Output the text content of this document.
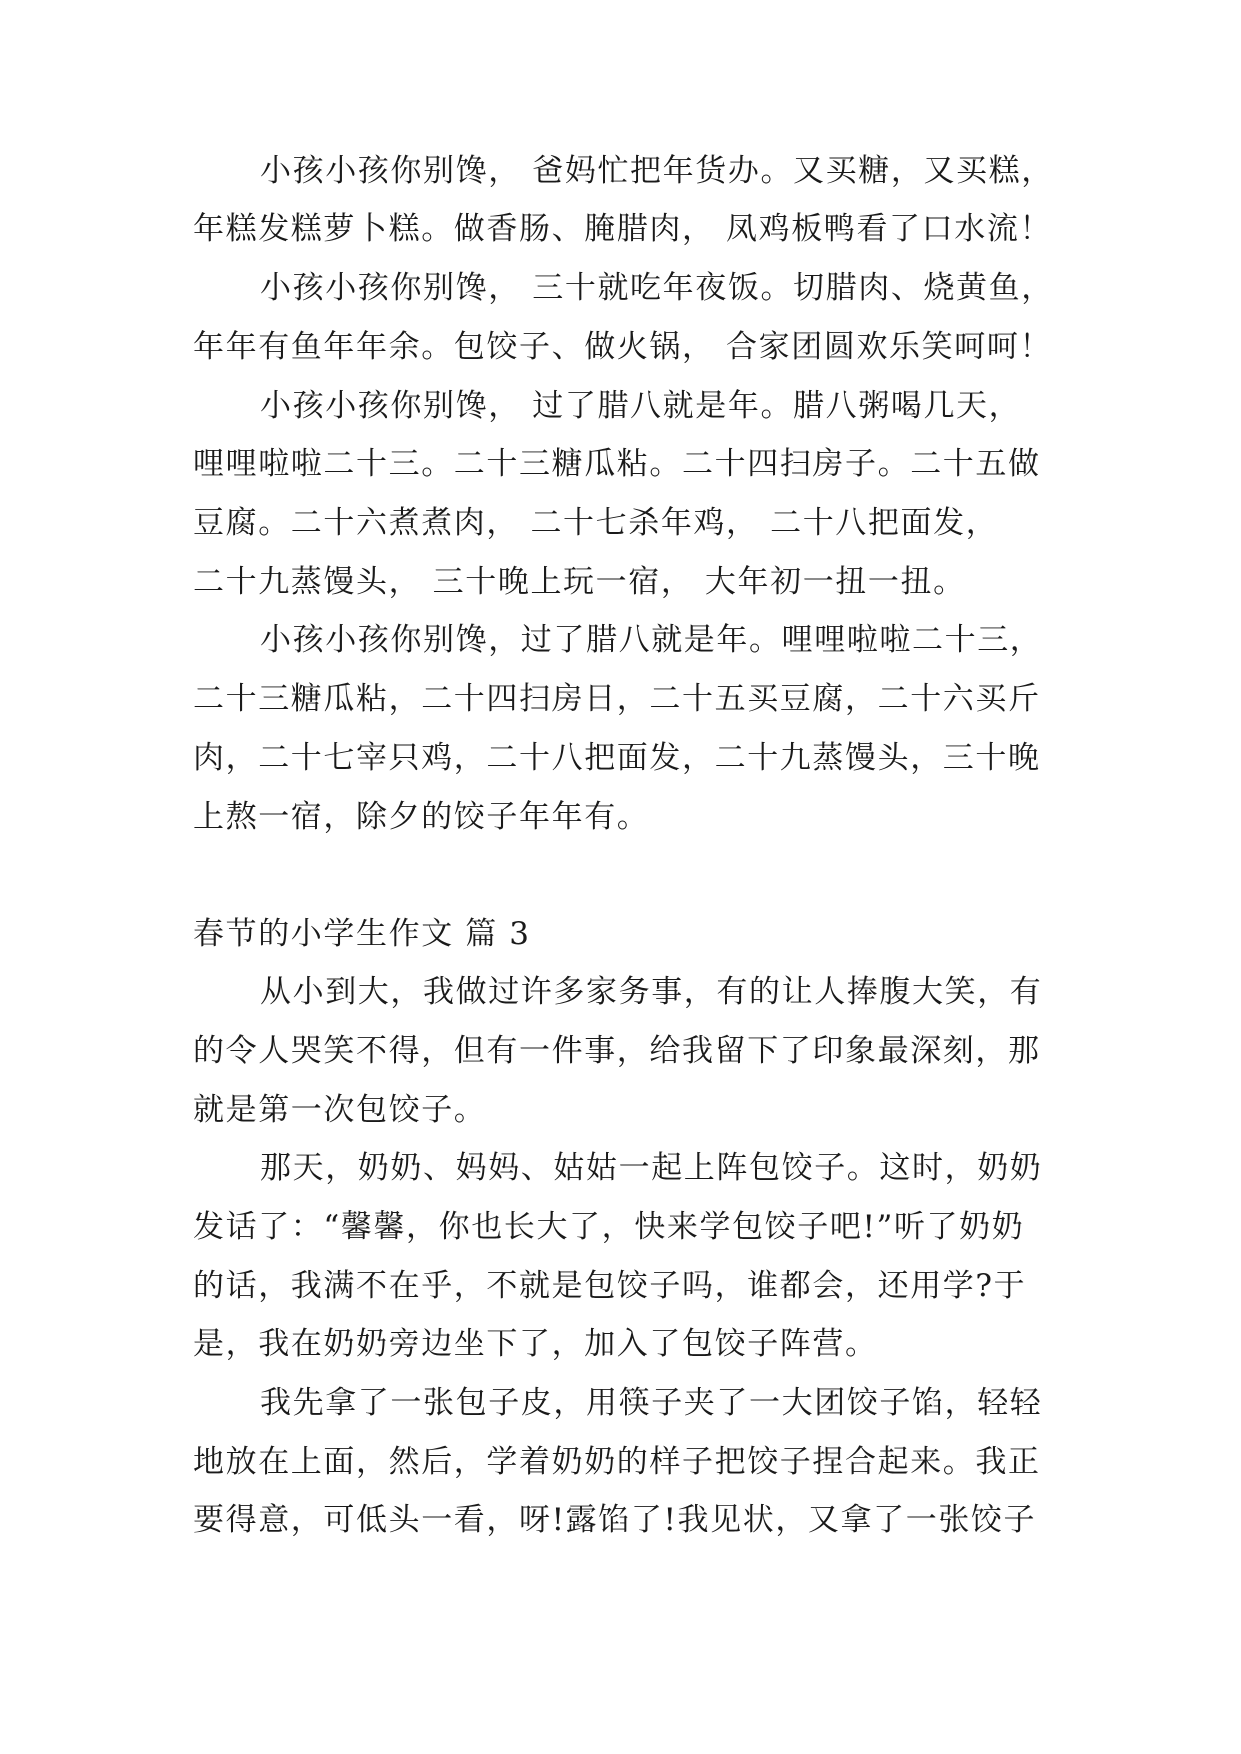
小孩小孩你别馋， 爸妈忙把年货办。又买糖，又买糕，
年糕发糕萝卜糕。做香肠、腌腊肉， 凤鸡板鸭看了口水流！
小孩小孩你别馋， 三十就吃年夜饭。切腊肉、烧黄鱼，
年年有鱼年年余。包饺子、做火锅， 合家团圆欢乐笑呵呵！
小孩小孩你别馋， 过了腊八就是年。腊八粥喝几天，
哩哩啦啦二十三。二十三糖瓜粘。二十四扫房子。二十五做
豆腐。二十六煮煮肉， 二十七杀年鸡， 二十八把面发，
二十九蒸馒头， 三十晚上玩一宿， 大年初一扭一扭。
小孩小孩你别馋，过了腊八就是年。哩哩啦啦二十三，
二十三糖瓜粘，二十四扫房日，二十五买豆腐，二十六买斤
肉，二十七宰只鸡，二十八把面发，二十九蒸馒头，三十晚
上熬一宿，除夕的饺子年年有。
春节的小学生作文 篇 3
从小到大，我做过许多家务事，有的让人捧腹大笑，有
的令人哭笑不得，但有一件事，给我留下了印象最深刻，那
就是第一次包饺子。
那天，奶奶、妈妈、姑姑一起上阵包饺子。这时，奶奶
发话了：“馨馨，你也长大了，快来学包饺子吧!”听了奶奶
的话，我满不在乎，不就是包饺子吗，谁都会，还用学?于
是，我在奶奶旁边坐下了，加入了包饺子阵营。
我先拿了一张包子皮，用筷子夹了一大团饺子馅，轻轻
地放在上面，然后，学着奶奶的样子把饺子捏合起来。我正
要得意，可低头一看，呀!露馅了!我见状，又拿了一张饺子
